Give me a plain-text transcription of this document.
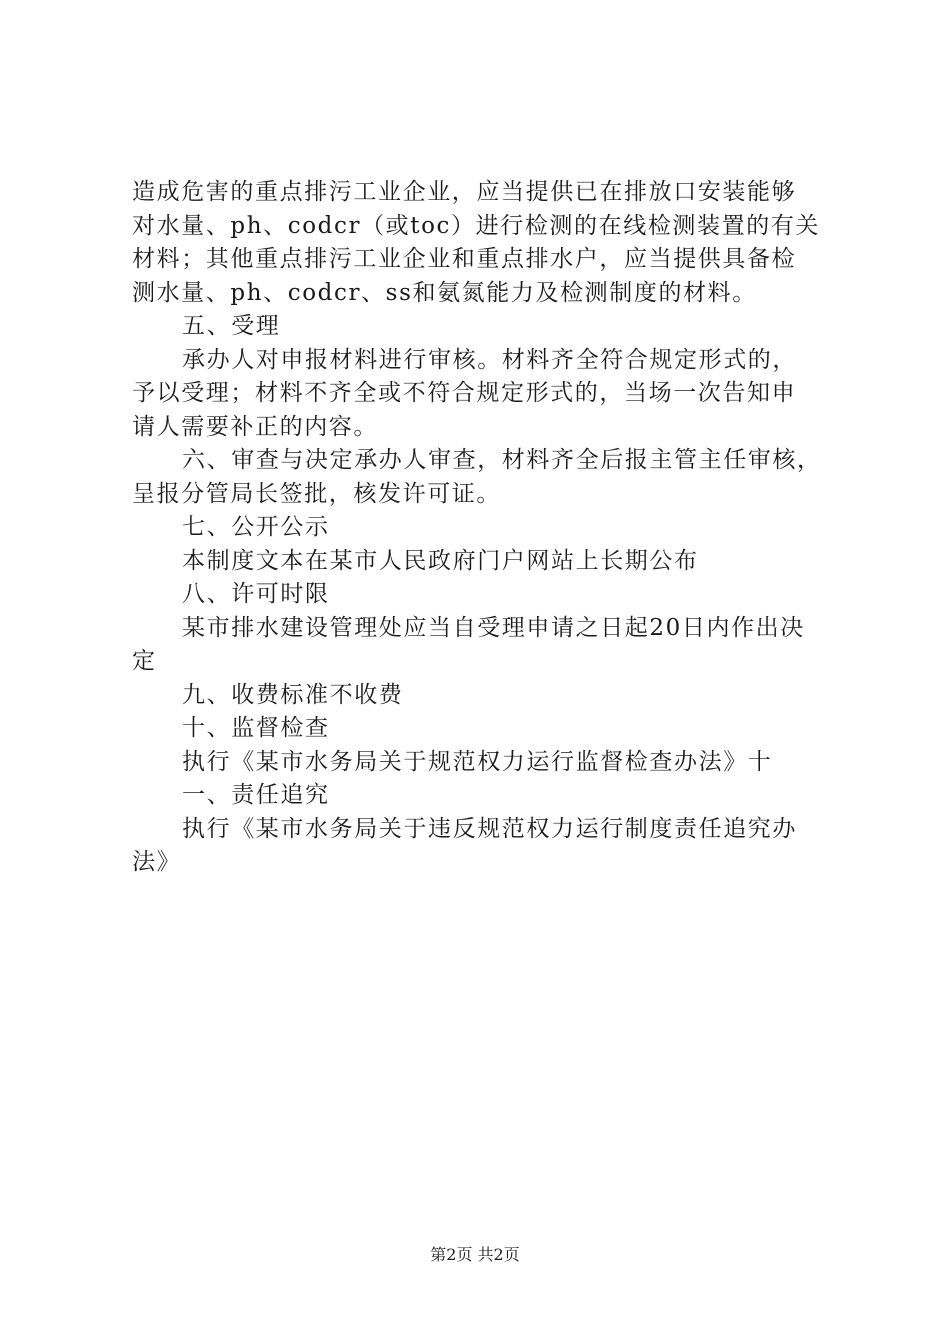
造成危害的重点排污工业企业，应当提供已在排放口安装能够
对水量、ph、codcr（或toc）进行检测的在线检测装置的有关
材料；其他重点排污工业企业和重点排水户，应当提供具备检
测水量、ph、codcr、ss和氨氮能力及检测制度的材料。
五、受理
承办人对申报材料进行审核。材料齐全符合规定形式的，
予以受理；材料不齐全或不符合规定形式的，当场一次告知申
请人需要补正的内容。
六、审查与决定承办人审查，材料齐全后报主管主任审核，
呈报分管局长签批，核发许可证。
七、公开公示
本制度文本在某市人民政府门户网站上长期公布
八、许可时限
某市排水建设管理处应当自受理申请之日起20日内作出决
定
九、收费标准不收费
十、监督检查
执行《某市水务局关于规范权力运行监督检查办法》十
一、责任追究
执行《某市水务局关于违反规范权力运行制度责任追究办
法》
第2页 共2页
